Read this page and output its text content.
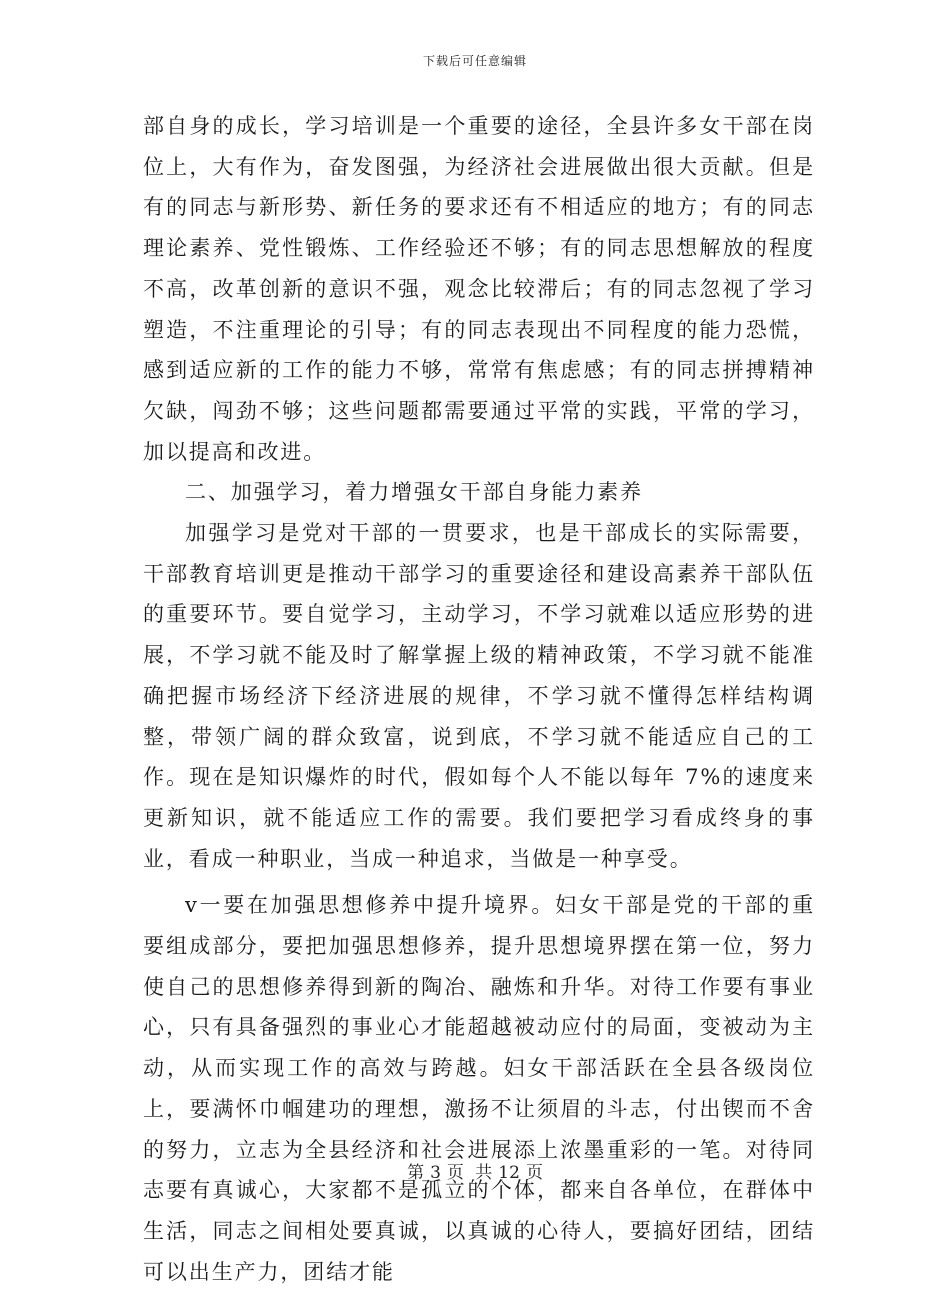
下载后可任意编辑

部自身的成长，学习培训是一个重要的途径，全县许多女干部在岗位上，大有作为，奋发图强，为经济社会进展做出很大贡献。但是有的同志与新形势、新任务的要求还有不相适应的地方；有的同志理论素养、党性锻炼、工作经验还不够；有的同志思想解放的程度不高，改革创新的意识不强，观念比较滞后；有的同志忽视了学习塑造，不注重理论的引导；有的同志表现出不同程度的能力恐慌，感到适应新的工作的能力不够，常常有焦虑感；有的同志拼搏精神欠缺，闯劲不够；这些问题都需要通过平常的实践，平常的学习，加以提高和改进。

二、加强学习，着力增强女干部自身能力素养

加强学习是党对干部的一贯要求，也是干部成长的实际需要，干部教育培训更是推动干部学习的重要途径和建设高素养干部队伍的重要环节。要自觉学习，主动学习，不学习就难以适应形势的进展，不学习就不能及时了解掌握上级的精神政策，不学习就不能准确把握市场经济下经济进展的规律，不学习就不懂得怎样结构调整，带领广阔的群众致富，说到底，不学习就不能适应自己的工作。现在是知识爆炸的时代，假如每个人不能以每年 7%的速度来更新知识，就不能适应工作的需要。我们要把学习看成终身的事业，看成一种职业，当成一种追求，当做是一种享受。

v一要在加强思想修养中提升境界。妇女干部是党的干部的重要组成部分，要把加强思想修养，提升思想境界摆在第一位，努力使自己的思想修养得到新的陶冶、融炼和升华。对待工作要有事业心，只有具备强烈的事业心才能超越被动应付的局面，变被动为主动，从而实现工作的高效与跨越。妇女干部活跃在全县各级岗位上，要满怀巾帼建功的理想，激扬不让须眉的斗志，付出锲而不舍的努力，立志为全县经济和社会进展添上浓墨重彩的一笔。对待同志要有真诚心，大家都不是孤立的个体，都来自各单位，在群体中生活，同志之间相处要真诚，以真诚的心待人，要搞好团结，团结可以出生产力，团结才能

第 3 页 共 12 页
